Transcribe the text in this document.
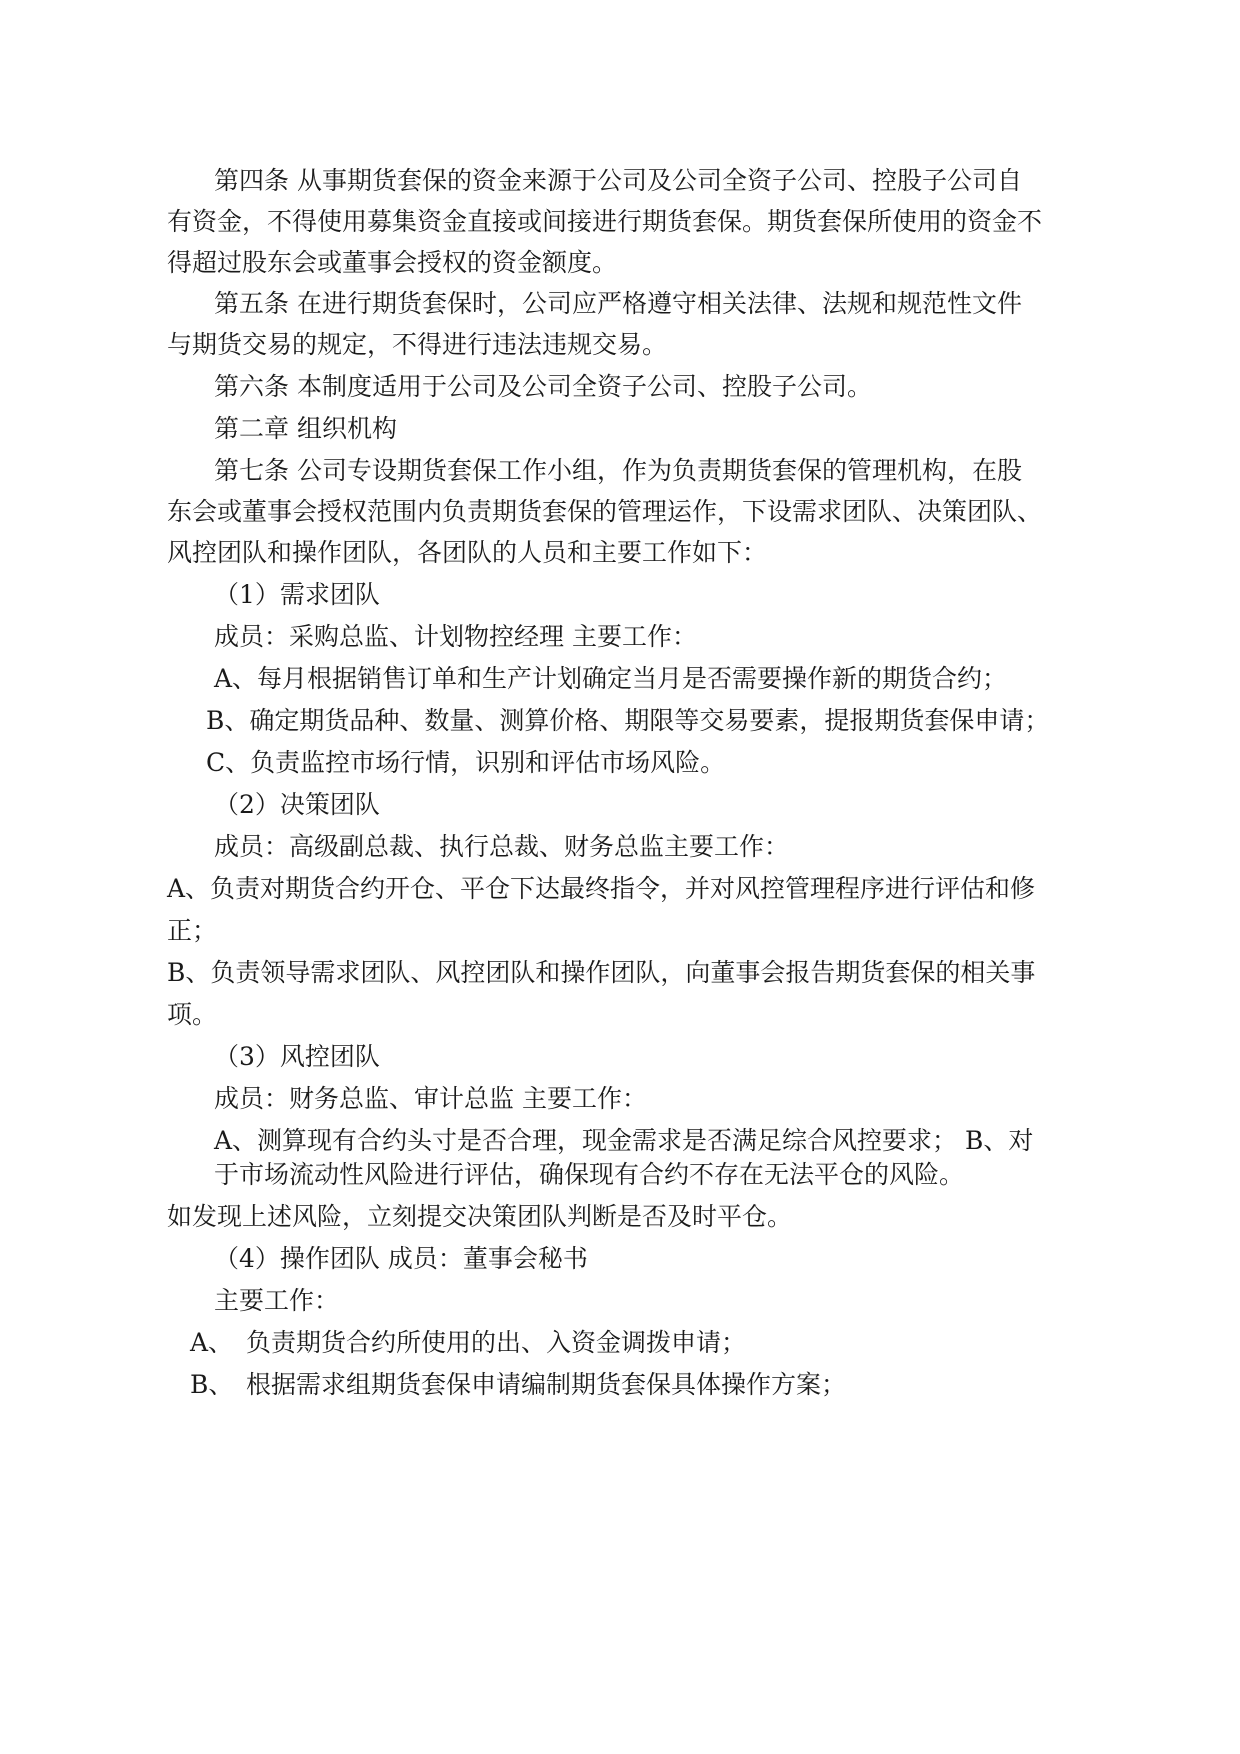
第四条 从事期货套保的资金来源于公司及公司全资子公司、控股子公司自
有资金，不得使用募集资金直接或间接进行期货套保。期货套保所使用的资金不
得超过股东会或董事会授权的资金额度。
第五条 在进行期货套保时，公司应严格遵守相关法律、法规和规范性文件
与期货交易的规定，不得进行违法违规交易。
第六条 本制度适用于公司及公司全资子公司、控股子公司。
第二章 组织机构
第七条 公司专设期货套保工作小组，作为负责期货套保的管理机构，在股
东会或董事会授权范围内负责期货套保的管理运作，下设需求团队、决策团队、
风控团队和操作团队，各团队的人员和主要工作如下：
（1）需求团队
成员：采购总监、计划物控经理 主要工作：
A、每月根据销售订单和生产计划确定当月是否需要操作新的期货合约；
B、确定期货品种、数量、测算价格、期限等交易要素，提报期货套保申请；
C、负责监控市场行情，识别和评估市场风险。
（2）决策团队
成员：高级副总裁、执行总裁、财务总监主要工作：
A、负责对期货合约开仓、平仓下达最终指令，并对风控管理程序进行评估和修
正；
B、负责领导需求团队、风控团队和操作团队，向董事会报告期货套保的相关事
项。
（3）风控团队
成员：财务总监、审计总监 主要工作：
A、测算现有合约头寸是否合理，现金需求是否满足综合风控要求； B、对
于市场流动性风险进行评估，确保现有合约不存在无法平仓的风险。
如发现上述风险，立刻提交决策团队判断是否及时平仓。
（4）操作团队 成员：董事会秘书
主要工作：
A、 负责期货合约所使用的出、入资金调拨申请；
B、 根据需求组期货套保申请编制期货套保具体操作方案；
